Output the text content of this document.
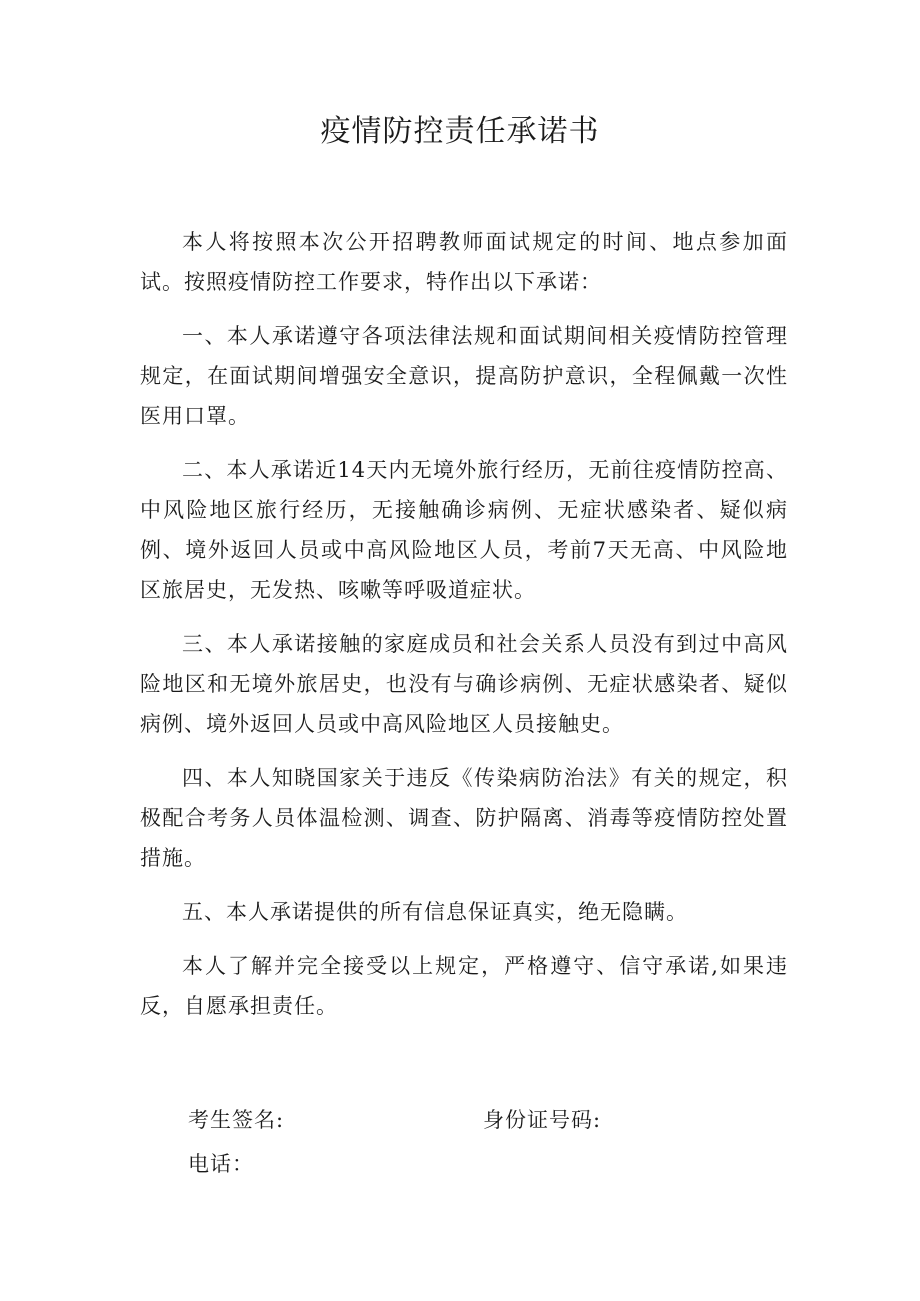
疫情防控责任承诺书

本人将按照本次公开招聘教师面试规定的时间、地点参加面试。按照疫情防控工作要求，特作出以下承诺：

一、本人承诺遵守各项法律法规和面试期间相关疫情防控管理规定，在面试期间增强安全意识，提高防护意识，全程佩戴一次性医用口罩。

二、本人承诺近14天内无境外旅行经历，无前往疫情防控高、中风险地区旅行经历，无接触确诊病例、无症状感染者、疑似病例、境外返回人员或中高风险地区人员，考前7天无高、中风险地区旅居史，无发热、咳嗽等呼吸道症状。

三、本人承诺接触的家庭成员和社会关系人员没有到过中高风险地区和无境外旅居史，也没有与确诊病例、无症状感染者、疑似病例、境外返回人员或中高风险地区人员接触史。

四、本人知晓国家关于违反《传染病防治法》有关的规定，积极配合考务人员体温检测、调查、防护隔离、消毒等疫情防控处置措施。

五、本人承诺提供的所有信息保证真实，绝无隐瞒。

本人了解并完全接受以上规定，严格遵守、信守承诺,如果违反，自愿承担责任。

考生签名:	身份证号码:
电话：
